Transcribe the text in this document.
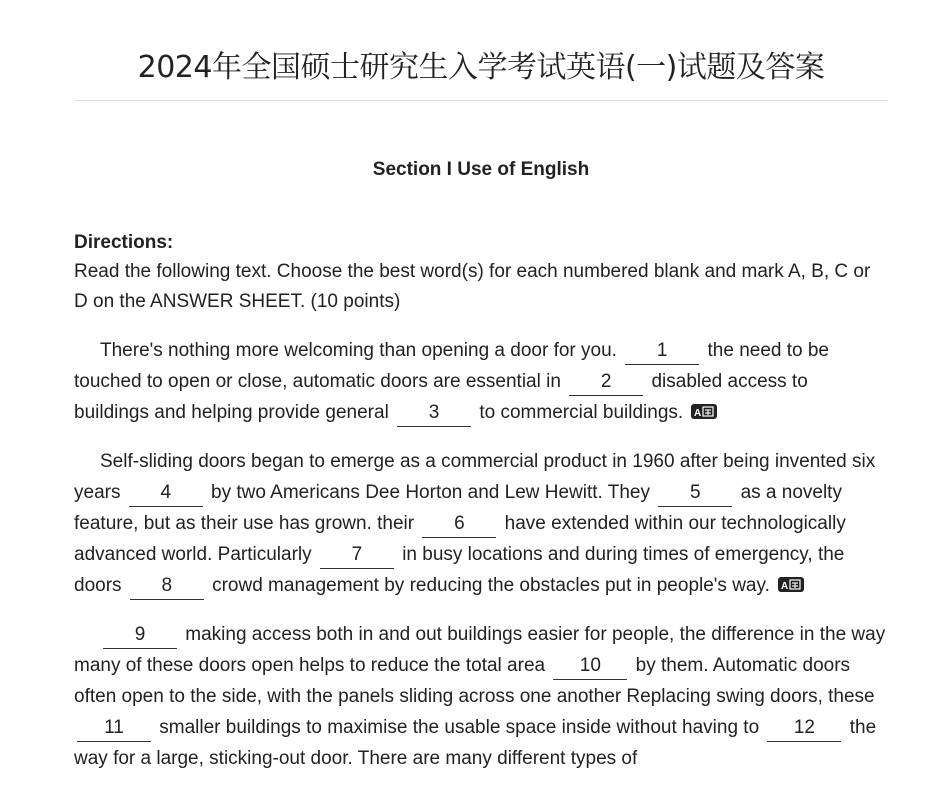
2024年全国硕士研究生入学考试英语(一)试题及答案
Section I Use of English
Directions:
Read the following text. Choose the best word(s) for each numbered blank and mark A, B, C or D on the ANSWER SHEET. (10 points)

There's nothing more welcoming than opening a door for you. 1 the need to be touched to open or close, automatic doors are essential in 2 disabled access to buildings and helping provide general 3 to commercial buildings. A

Self-sliding doors began to emerge as a commercial product in 1960 after being invented six years 4 by two Americans Dee Horton and Lew Hewitt. They 5 as a novelty feature, but as their use has grown. their 6 have extended within our technologically advanced world. Particularly 7 in busy locations and during times of emergency, the doors 8 crowd management by reducing the obstacles put in people's way. A

9 making access both in and out buildings easier for people, the difference in the way many of these doors open helps to reduce the total area 10 by them. Automatic doors often open to the side, with the panels sliding across one another Replacing swing doors, these 11 smaller buildings to maximise the usable space inside without having to 12 the way for a large, sticking-out door. There are many different types of
